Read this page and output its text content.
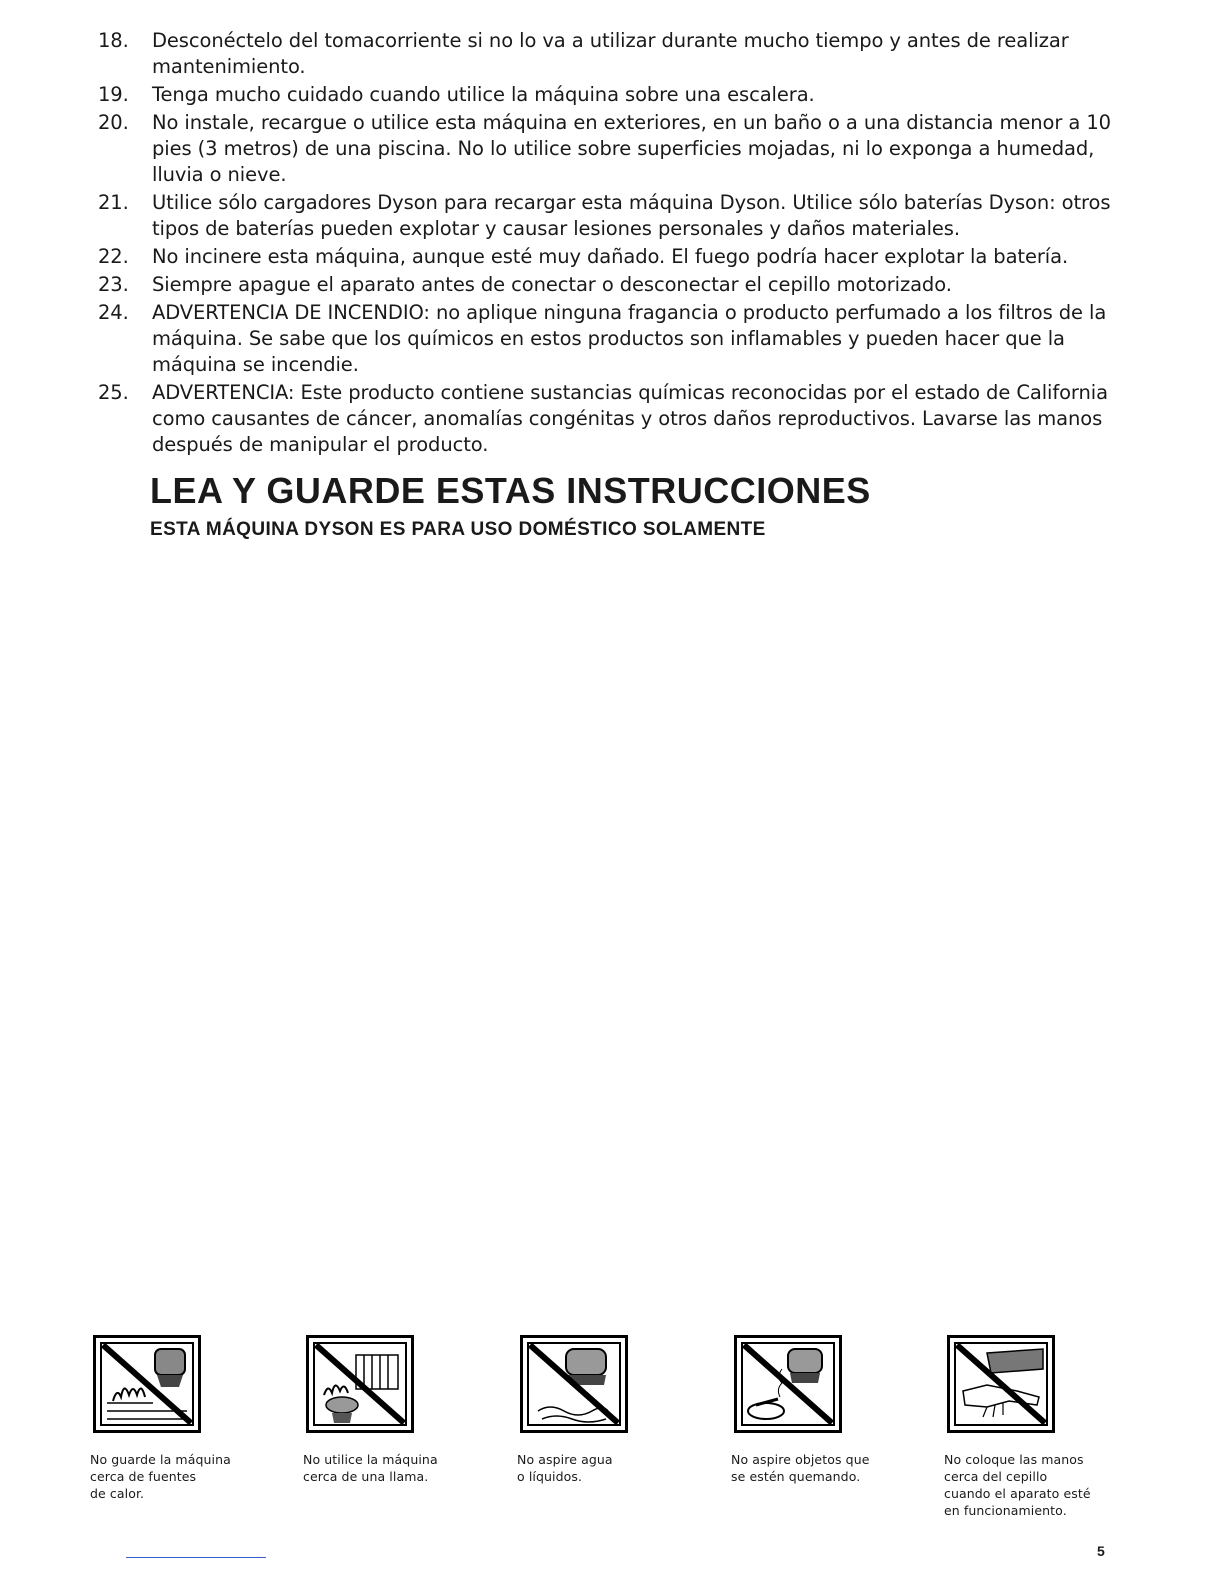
18. Desconéctelo del tomacorriente si no lo va a utilizar durante mucho tiempo y antes de realizar mantenimiento.
19. Tenga mucho cuidado cuando utilice la máquina sobre una escalera.
20. No instale, recargue o utilice esta máquina en exteriores, en un baño o a una distancia menor a 10 pies (3 metros) de una piscina. No lo utilice sobre superficies mojadas, ni lo exponga a humedad, lluvia o nieve.
21. Utilice sólo cargadores Dyson para recargar esta máquina Dyson. Utilice sólo baterías Dyson: otros tipos de baterías pueden explotar y causar lesiones personales y daños materiales.
22. No incinere esta máquina, aunque esté muy dañado. El fuego podría hacer explotar la batería.
23. Siempre apague el aparato antes de conectar o desconectar el cepillo motorizado.
24. ADVERTENCIA DE INCENDIO: no aplique ninguna fragancia o producto perfumado a los filtros de la máquina. Se sabe que los químicos en estos productos son inflamables y pueden hacer que la máquina se incendie.
25. ADVERTENCIA: Este producto contiene sustancias químicas reconocidas por el estado de California como causantes de cáncer, anomalías congénitas y otros daños reproductivos. Lavarse las manos después de manipular el producto.
LEA Y GUARDE ESTAS INSTRUCCIONES
ESTA MÁQUINA DYSON ES PARA USO DOMÉSTICO SOLAMENTE
No guarde la máquina
cerca de fuentes
de calor.
No utilice la máquina
cerca de una llama.
No aspire agua
o líquidos.
No aspire objetos que
se estén quemando.
No coloque las manos
cerca del cepillo
cuando el aparato esté
en funcionamiento.
5
